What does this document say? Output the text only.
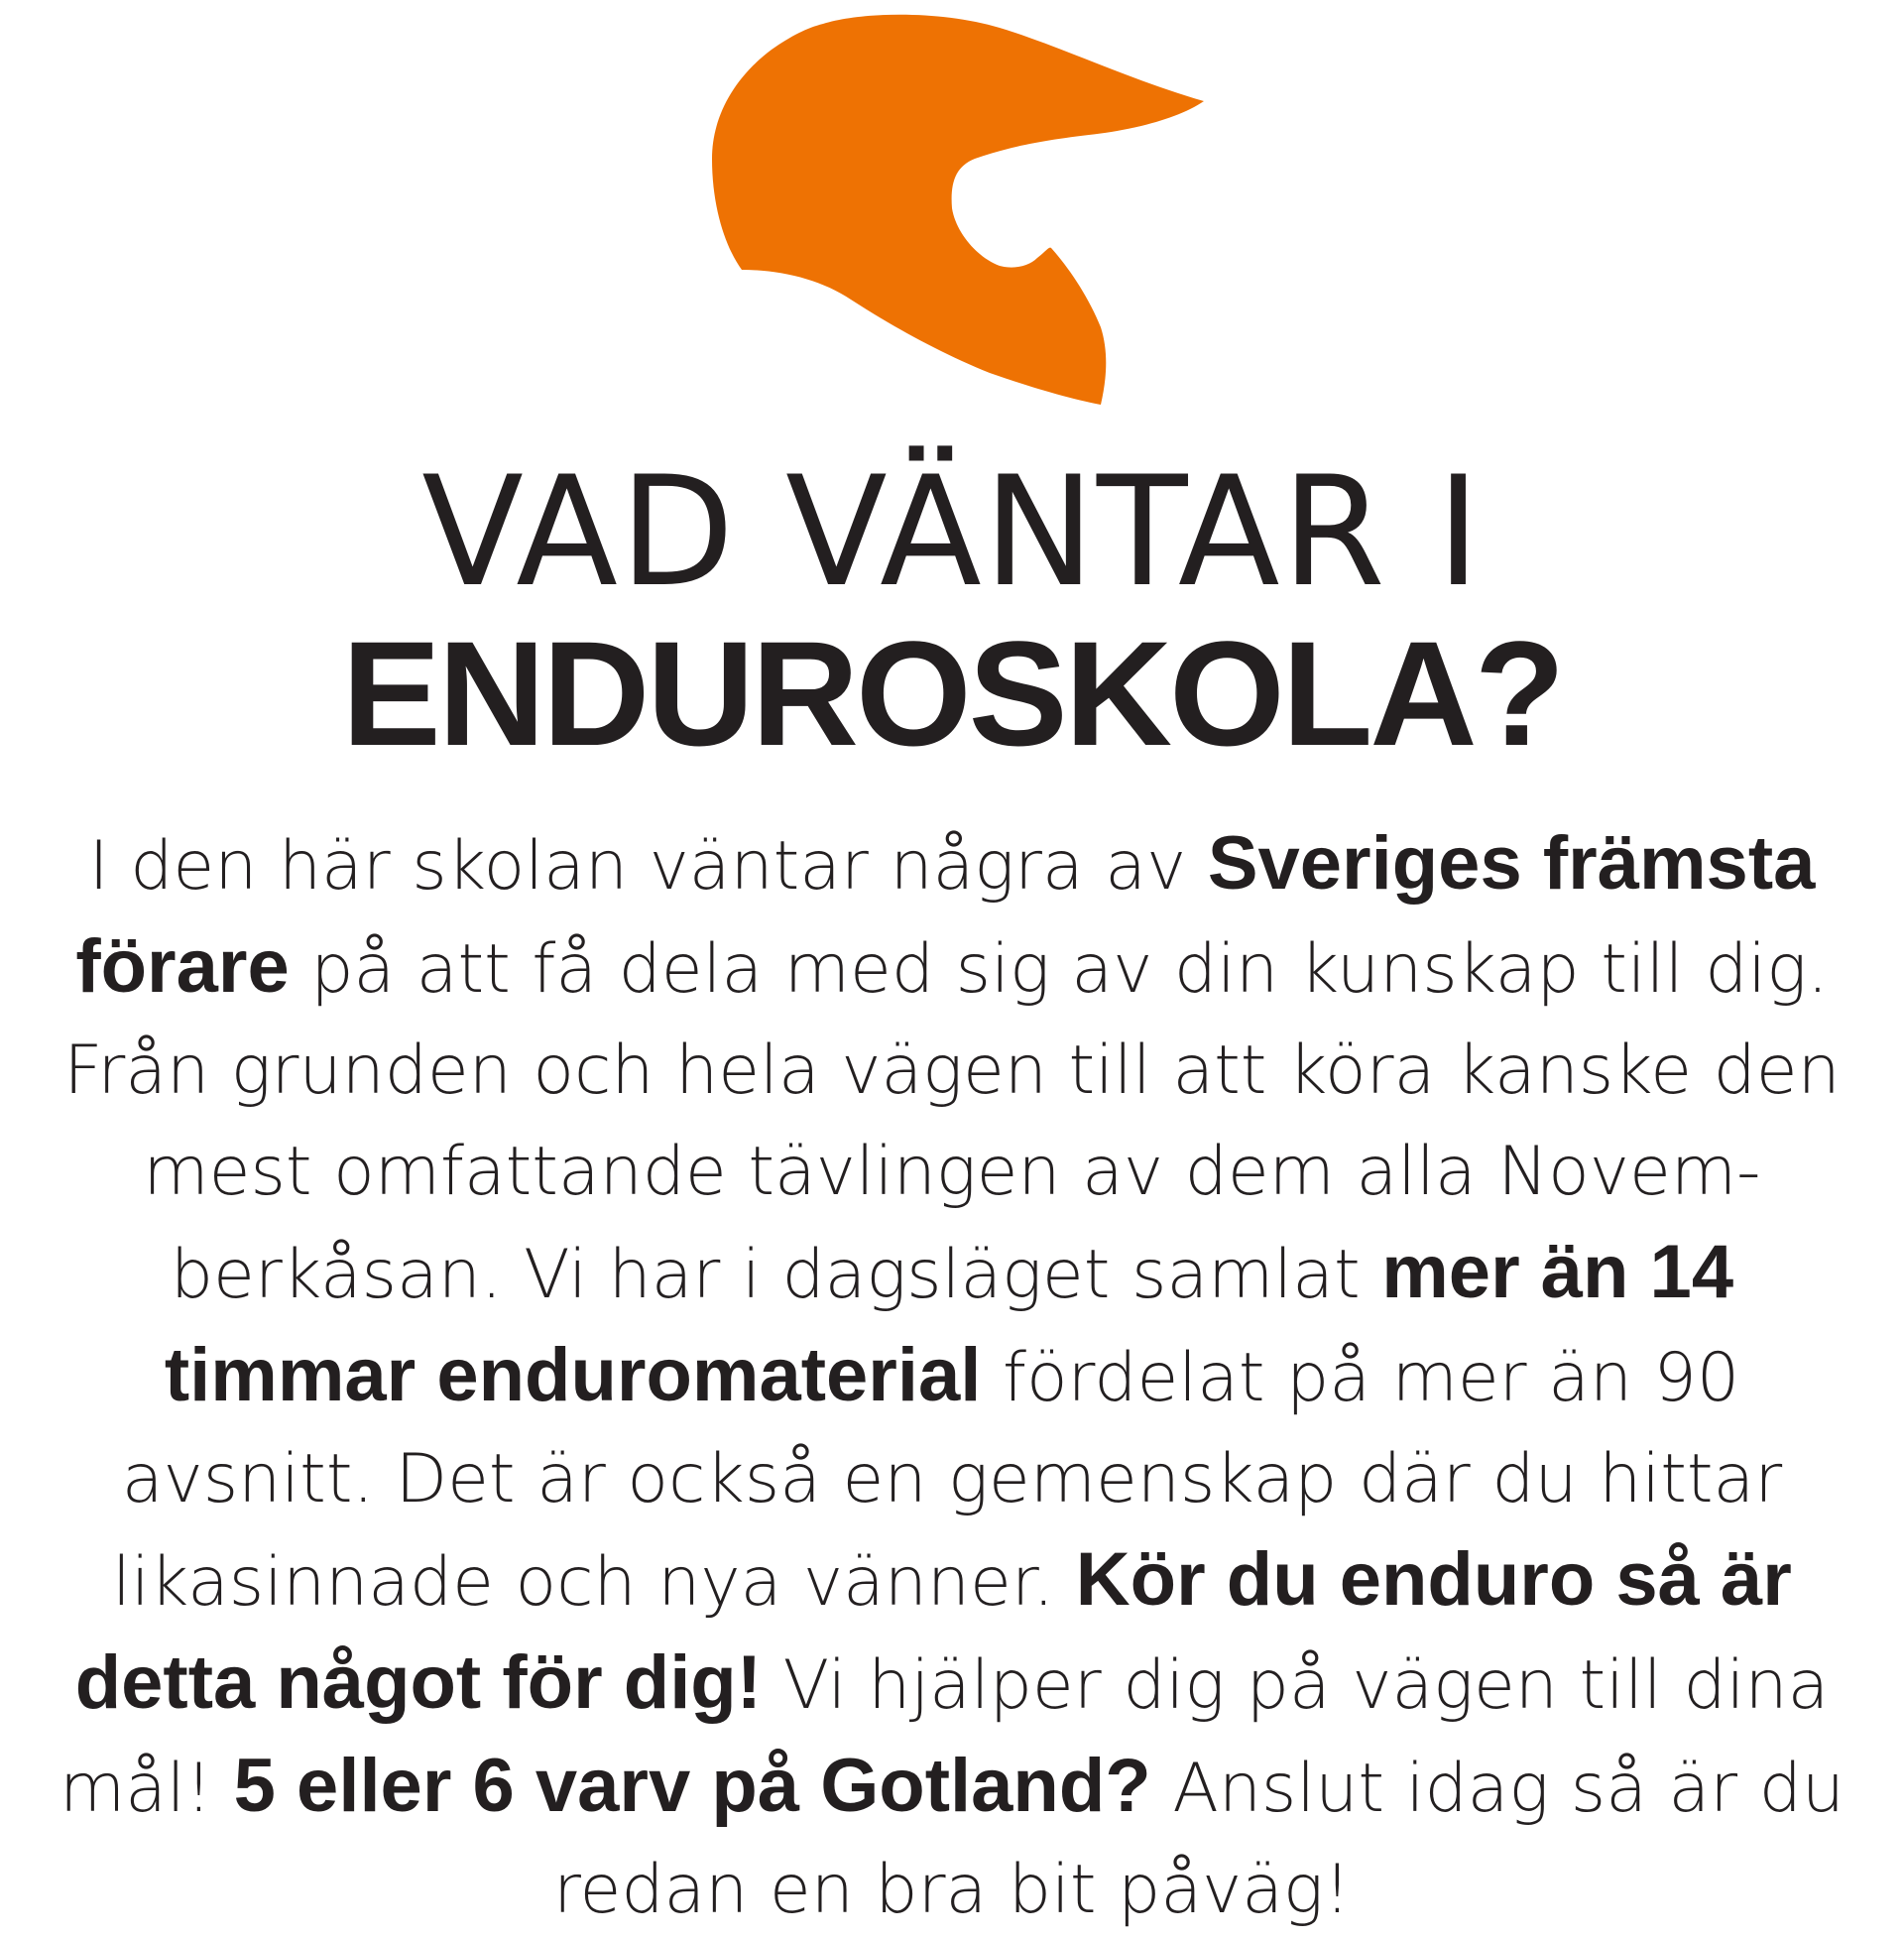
VAD VÄNTAR I
ENDUROSKOLA?
I den här skolan väntar några av Sveriges främsta
förare på att få dela med sig av din kunskap till dig.
Från grunden och hela vägen till att köra kanske den
mest omfattande tävlingen av dem alla Novem-
berkåsan. Vi har i dagsläget samlat mer än 14
timmar enduromaterial fördelat på mer än 90
avsnitt. Det är också en gemenskap där du hittar
likasinnade och nya vänner. Kör du enduro så är
detta något för dig! Vi hjälper dig på vägen till dina
mål! 5 eller 6 varv på Gotland? Anslut idag så är du
redan en bra bit påväg!
